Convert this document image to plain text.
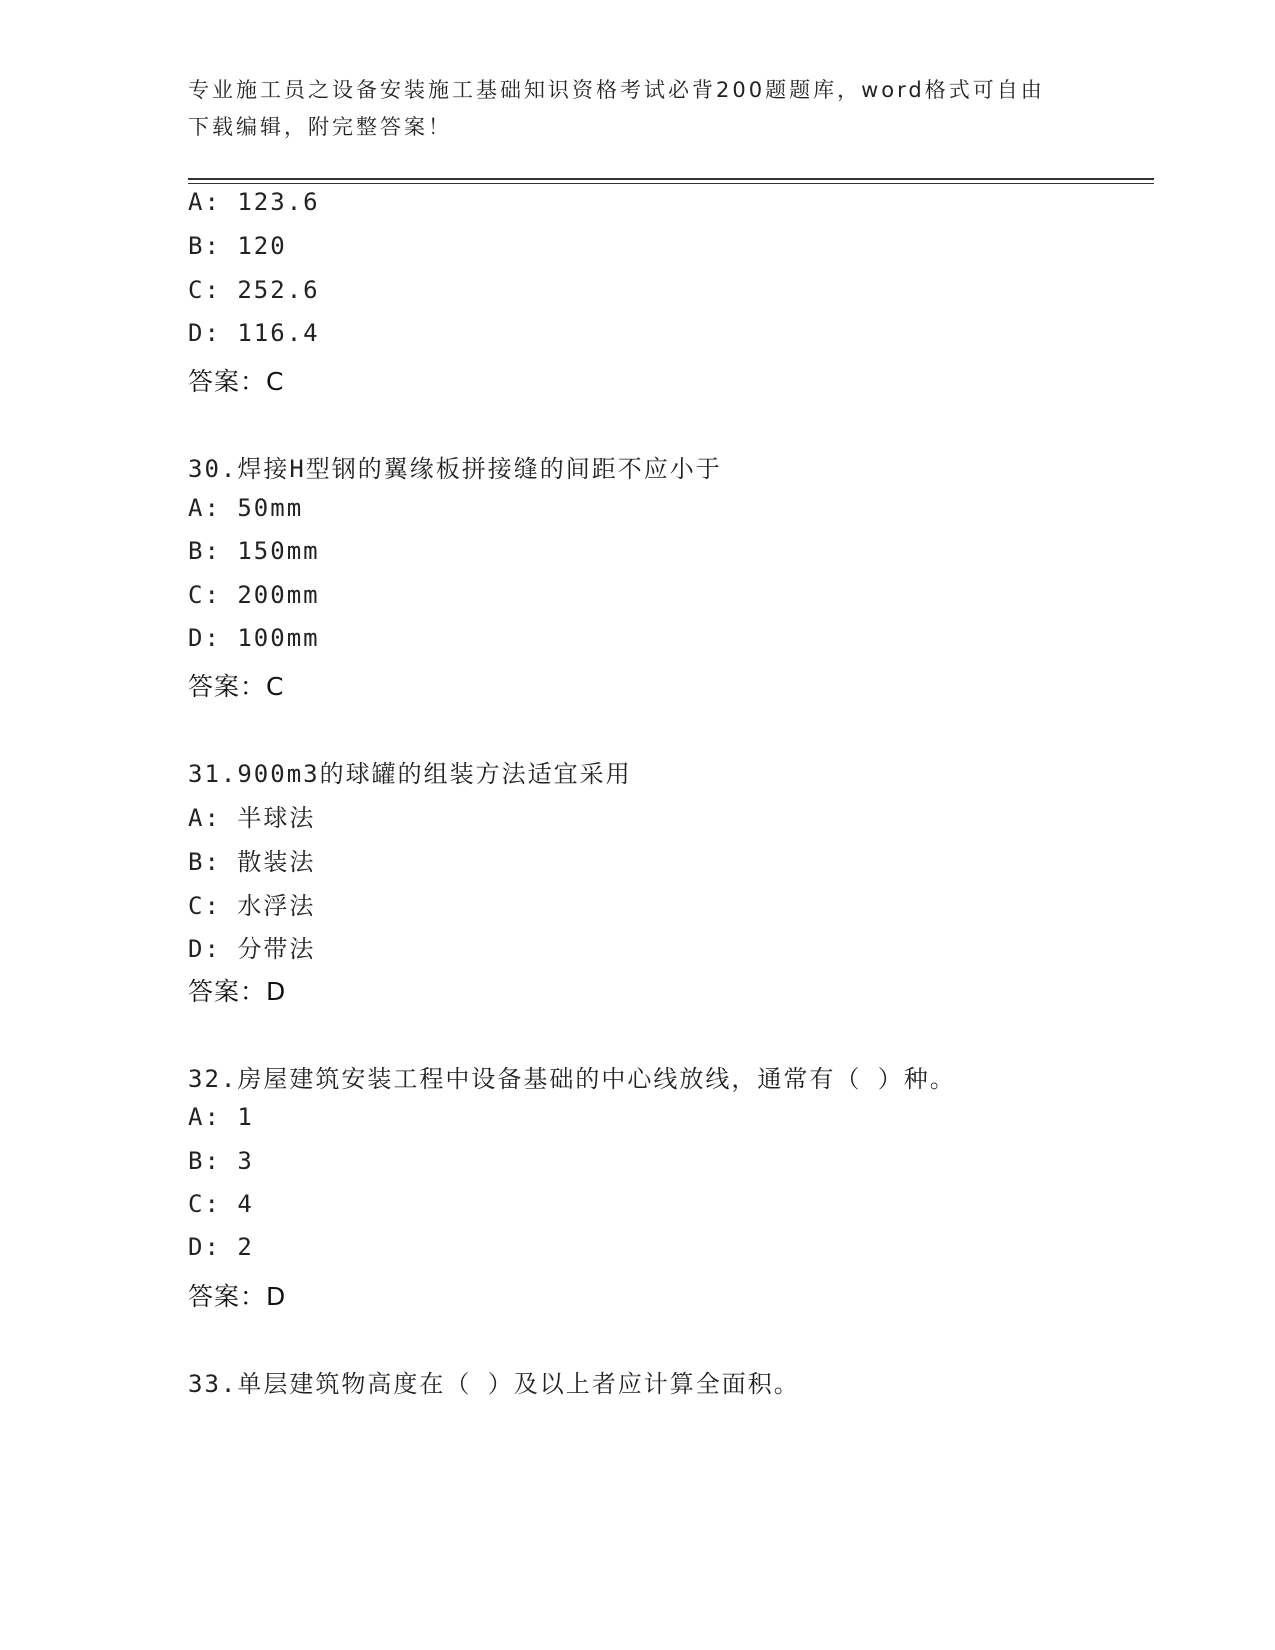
专业施工员之设备安装施工基础知识资格考试必背200题题库，word格式可自由
下载编辑，附完整答案！
A: 123.6
B: 120
C: 252.6
D: 116.4
答案：C
30.焊接H型钢的翼缘板拼接缝的间距不应小于
A: 50mm
B: 150mm
C: 200mm
D: 100mm
答案：C
31.900m3的球罐的组装方法适宜采用
A: 半球法
B: 散装法
C: 水浮法
D: 分带法
答案：D
32.房屋建筑安装工程中设备基础的中心线放线，通常有（ ）种。
A: 1
B: 3
C: 4
D: 2
答案：D
33.单层建筑物高度在（ ）及以上者应计算全面积。
